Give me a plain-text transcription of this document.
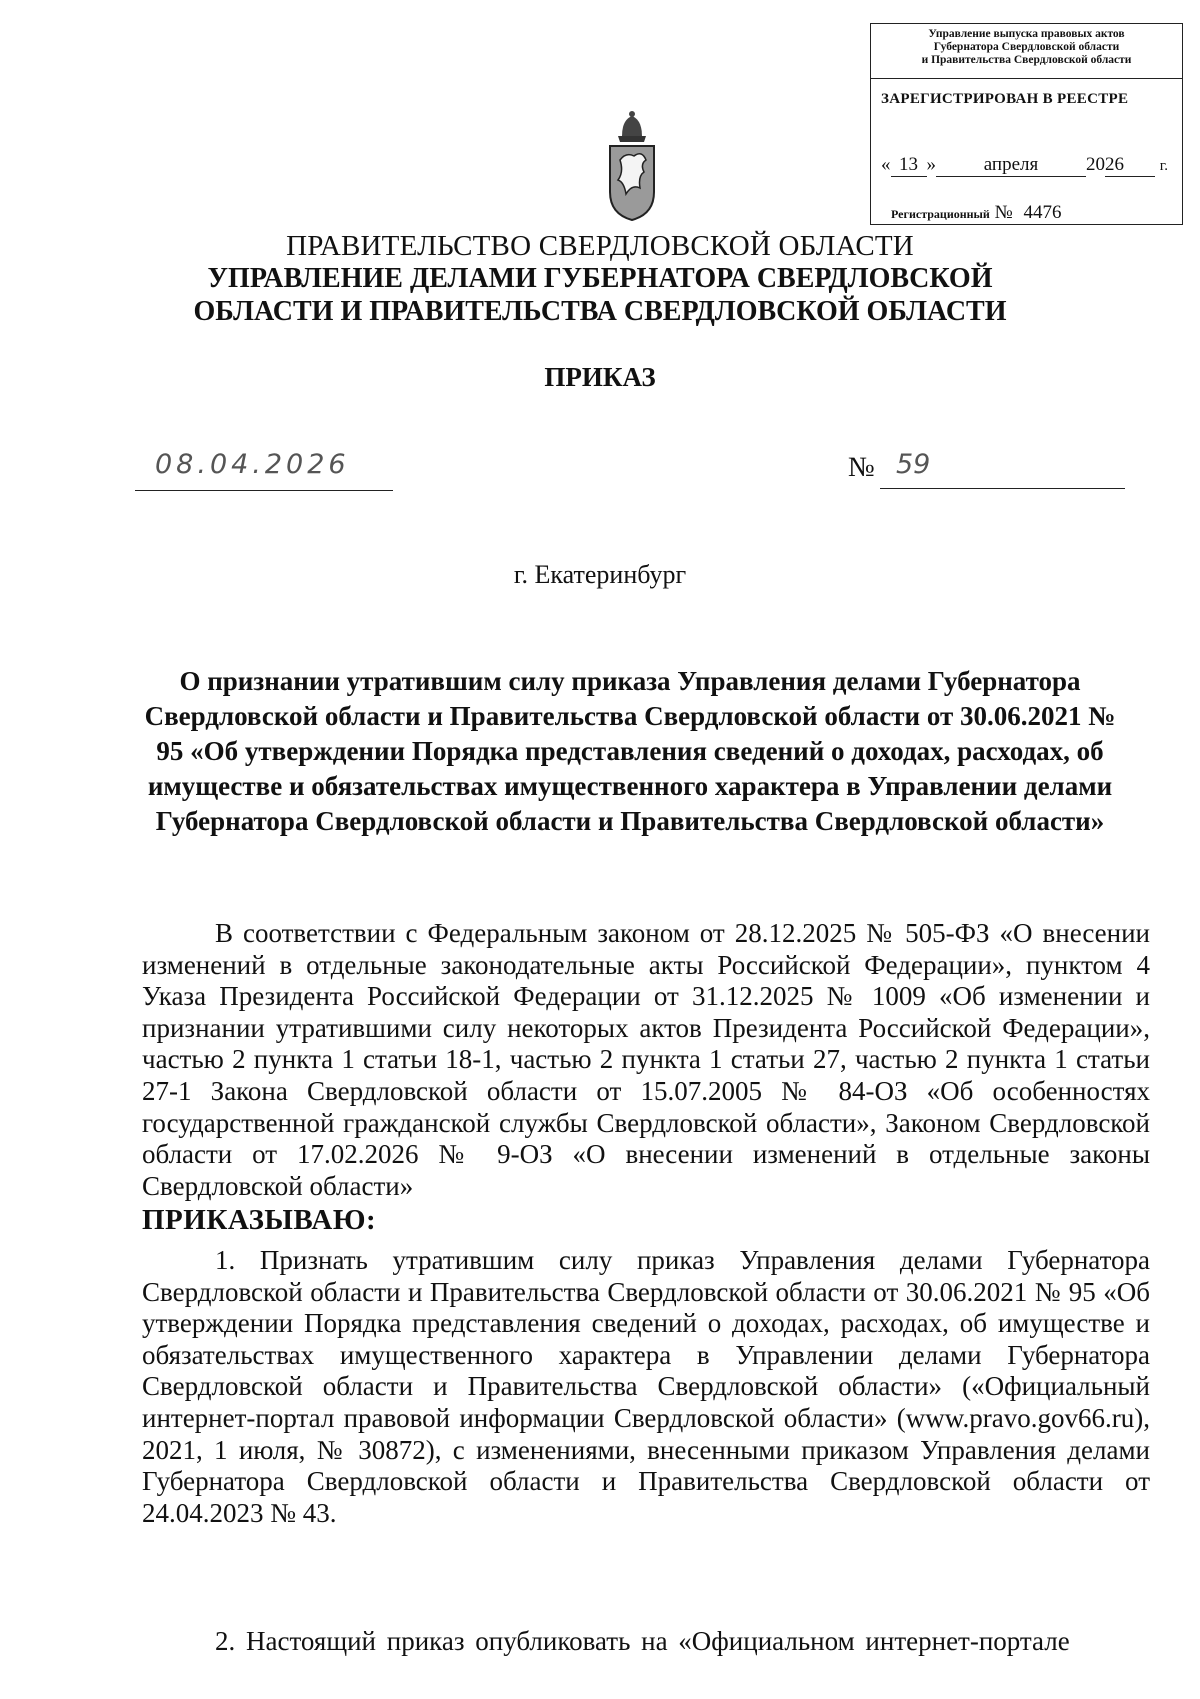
Управление выпуска правовых актов
Губернатора Свердловской области
и Правительства Свердловской области
ЗАРЕГИСТРИРОВАН В РЕЕСТРЕ
« 13 »	апреля	2026 г.
Регистрационный № 4476
ПРАВИТЕЛЬСТВО СВЕРДЛОВСКОЙ ОБЛАСТИ
УПРАВЛЕНИЕ ДЕЛАМИ ГУБЕРНАТОРА СВЕРДЛОВСКОЙ
ОБЛАСТИ И ПРАВИТЕЛЬСТВА СВЕРДЛОВСКОЙ ОБЛАСТИ
ПРИКАЗ
08.04.2026	№ 59
г. Екатеринбург
О признании утратившим силу приказа Управления делами Губернатора Свердловской области и Правительства Свердловской области от 30.06.2021 № 95 «Об утверждении Порядка представления сведений о доходах, расходах, об имуществе и обязательствах имущественного характера в Управлении делами Губернатора Свердловской области и Правительства Свердловской области»
В соответствии с Федеральным законом от 28.12.2025 № 505-ФЗ «О внесении изменений в отдельные законодательные акты Российской Федерации», пунктом 4 Указа Президента Российской Федерации от 31.12.2025 № 1009 «Об изменении и признании утратившими силу некоторых актов Президента Российской Федерации», частью 2 пункта 1 статьи 18-1, частью 2 пункта 1 статьи 27, частью 2 пункта 1 статьи 27-1 Закона Свердловской области от 15.07.2005 № 84-ОЗ «Об особенностях государственной гражданской службы Свердловской области», Законом Свердловской области от 17.02.2026 № 9-ОЗ «О внесении изменений в отдельные законы Свердловской области»
ПРИКАЗЫВАЮ:
1. Признать утратившим силу приказ Управления делами Губернатора Свердловской области и Правительства Свердловской области от 30.06.2021 № 95 «Об утверждении Порядка представления сведений о доходах, расходах, об имуществе и обязательствах имущественного характера в Управлении делами Губернатора Свердловской области и Правительства Свердловской области» («Официальный интернет-портал правовой информации Свердловской области» (www.pravo.gov66.ru), 2021, 1 июля, № 30872), с изменениями, внесенными приказом Управления делами Губернатора Свердловской области и Правительства Свердловской области от 24.04.2023 № 43.
2. Настоящий приказ опубликовать на «Официальном интернет-портале
